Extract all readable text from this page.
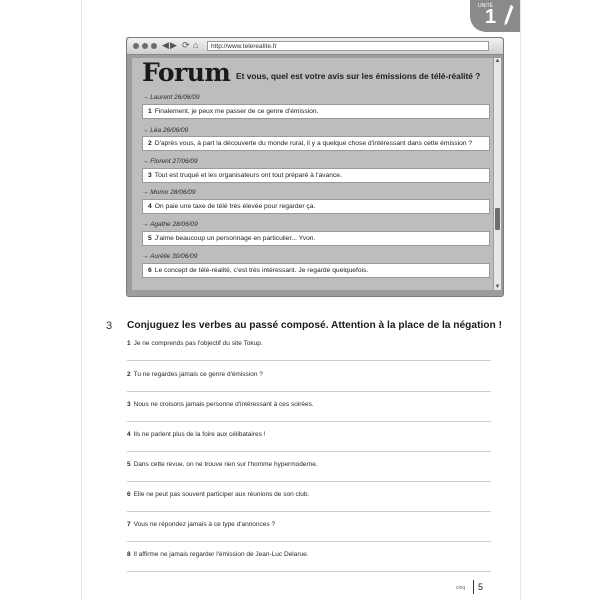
UNITÉ
1
◀ ▶ ⟳ ⌂	http://www.telerealite.fr
Forum Et vous, quel est votre avis sur les émissions de télé-réalité ?
→ Laurent 26/06/09
1 Finalement, je peux me passer de ce genre d'émission.
→ Léa 26/06/09
2 D'après vous, à part la découverte du monde rural, il y a quelque chose d'intéressant dans cette émission ?
→ Florent 27/06/09
3 Tout est truqué et les organisateurs ont tout préparé à l'avance.
→ Momo 28/06/09
4 On paie une taxe de télé très élevée pour regarder ça.
→ Agathe 28/06/09
5 J'aime beaucoup un personnage en particulier... Yvon.
→ Aurélie 30/06/09
6 Le concept de télé-réalité, c'est très intéressant. Je regarde quelquefois.
▲
▼
3 Conjuguez les verbes au passé composé. Attention à la place de la négation !
1 Je ne comprends pas l'objectif du site Tokup.
2 Tu ne regardes jamais ce genre d'émission ?
3 Nous ne croisons jamais personne d'intéressant à ces soirées.
4 Ils ne parlent plus de la foire aux célibataires !
5 Dans cette revue, on ne trouve rien sur l'homme hypermoderne.
6 Elle ne peut pas souvent participer aux réunions de son club.
7 Vous ne répondez jamais à ce type d'annonces ?
8 Il affirme ne jamais regarder l'émission de Jean-Luc Delarue.
cinq 5
